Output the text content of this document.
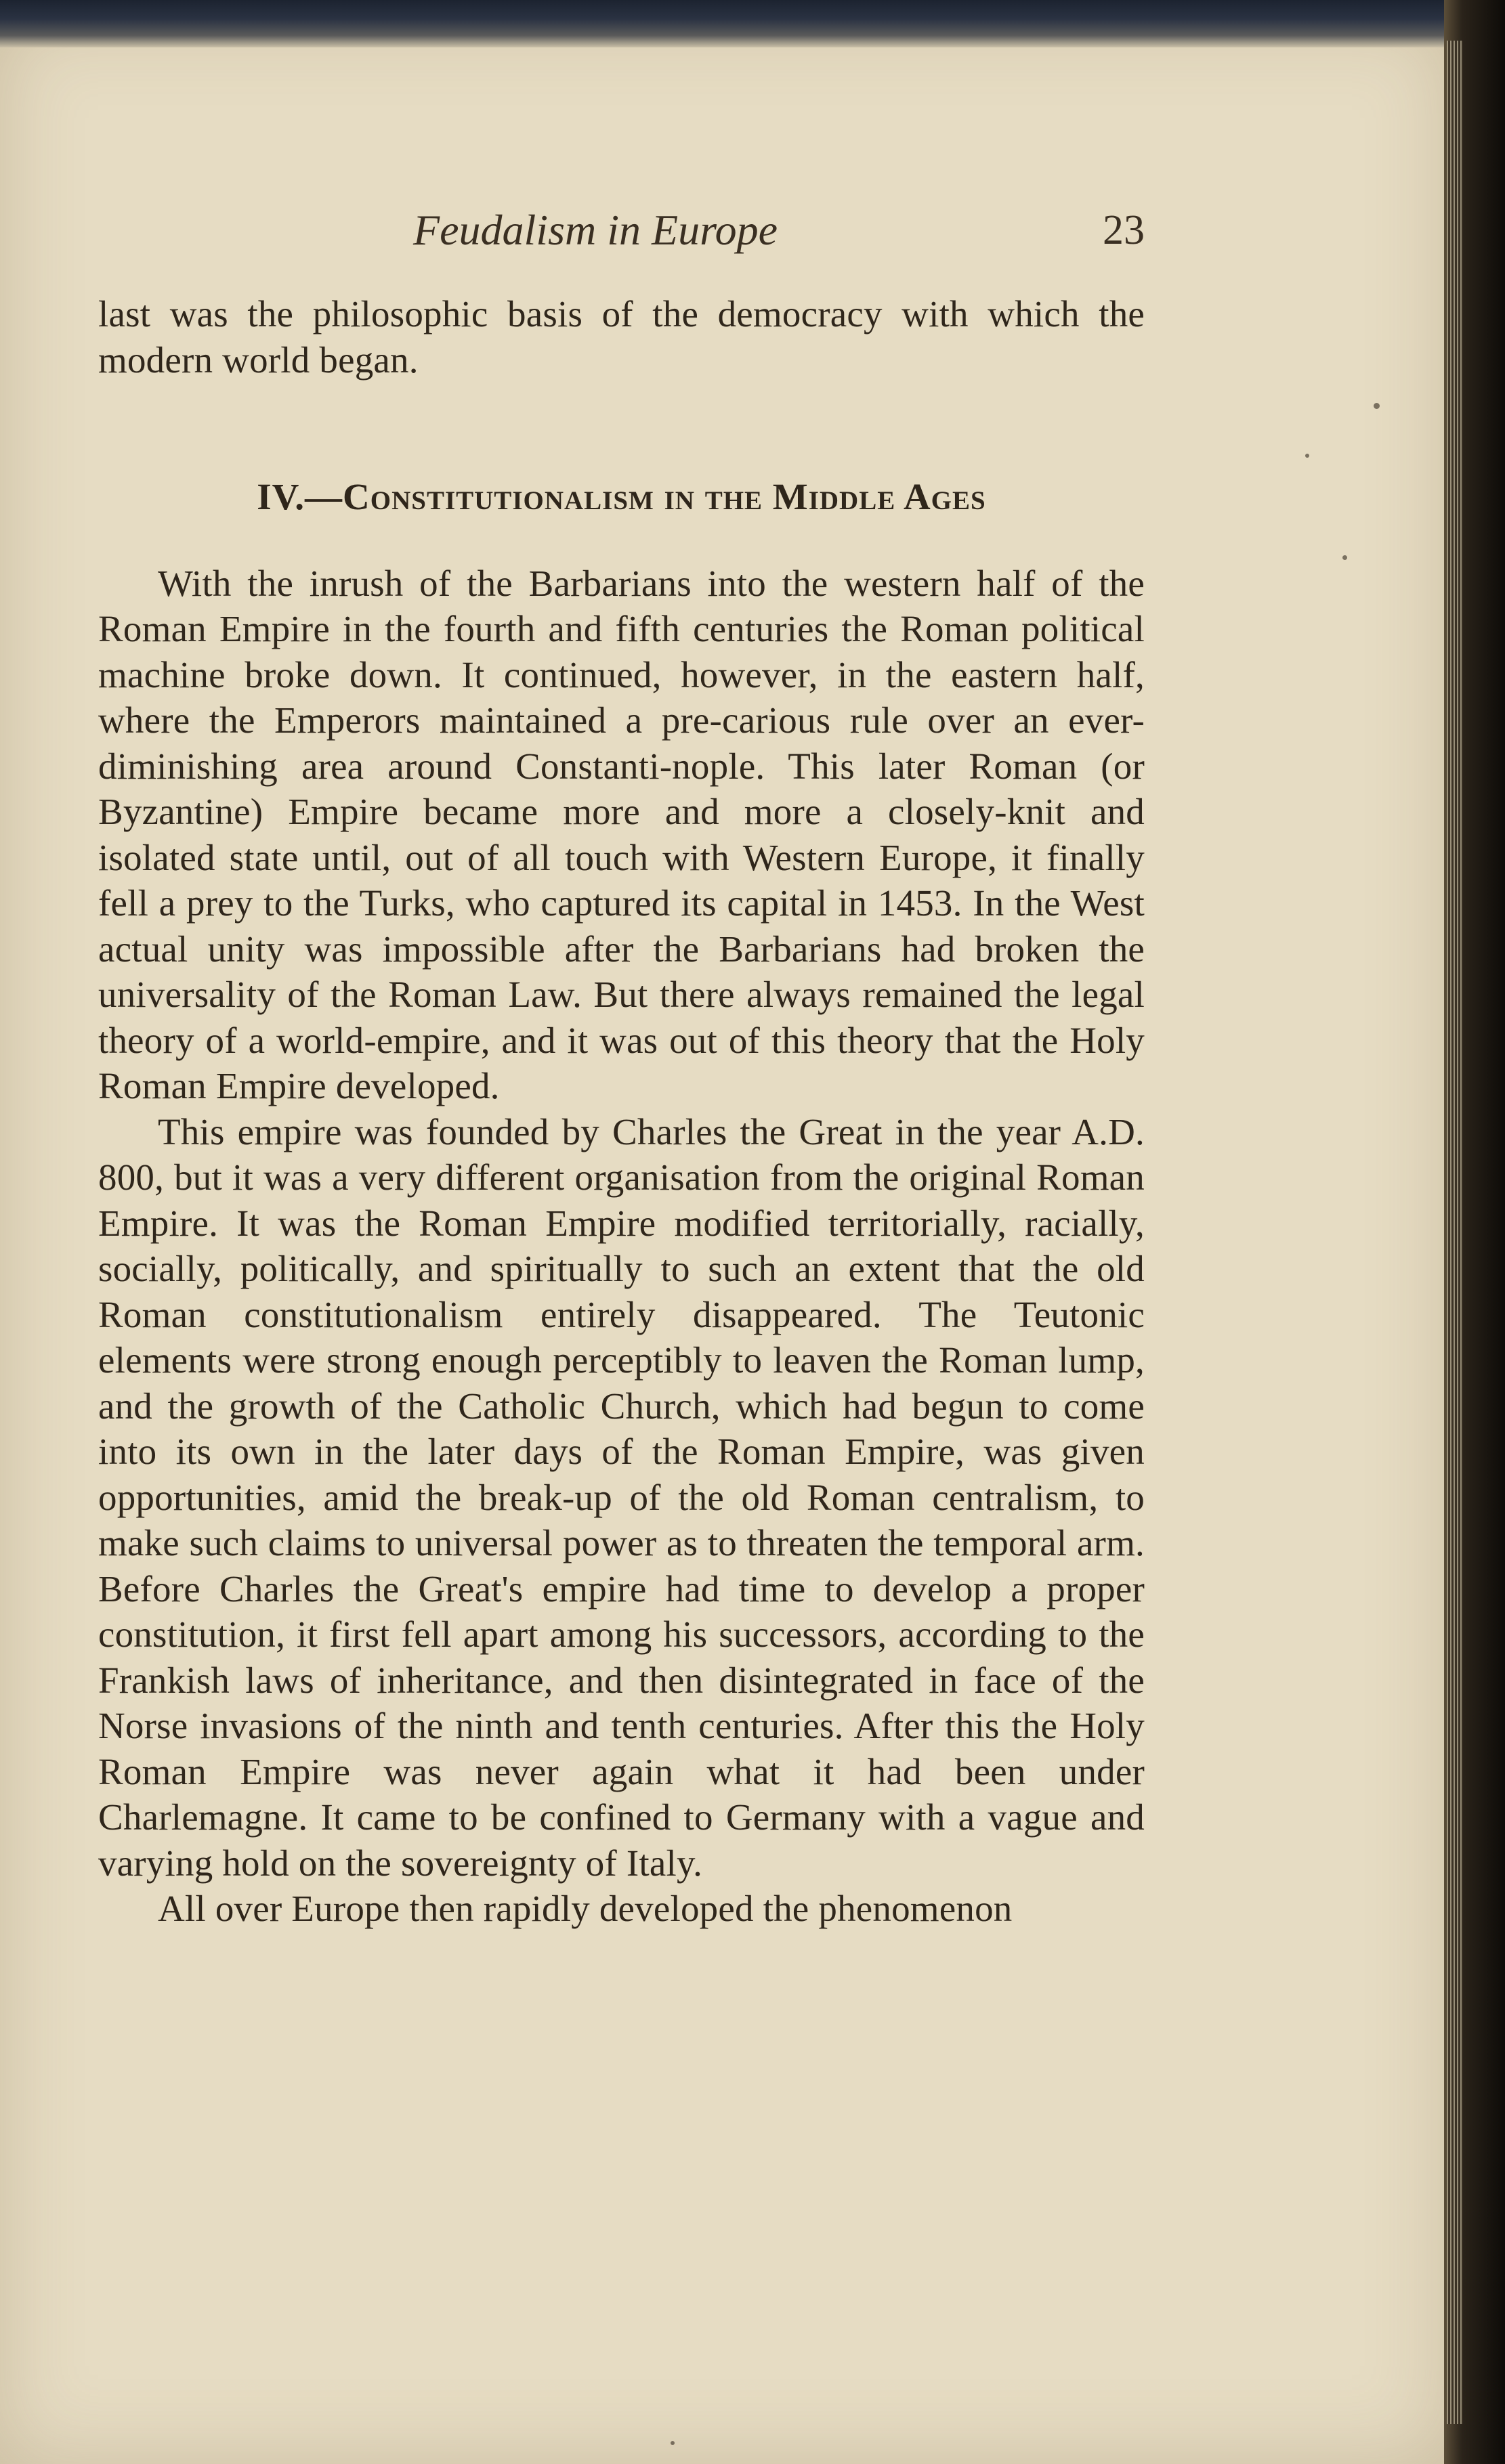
Feudalism in Europe	23

last was the philosophic basis of the democracy with which the modern world began.

IV.—Constitutionalism in the Middle Ages

With the inrush of the Barbarians into the western half of the Roman Empire in the fourth and fifth centuries the Roman political machine broke down. It continued, however, in the eastern half, where the Emperors maintained a pre-carious rule over an ever-diminishing area around Constanti-nople. This later Roman (or Byzantine) Empire became more and more a closely-knit and isolated state until, out of all touch with Western Europe, it finally fell a prey to the Turks, who captured its capital in 1453. In the West actual unity was impossible after the Barbarians had broken the universality of the Roman Law. But there always remained the legal theory of a world-empire, and it was out of this theory that the Holy Roman Empire developed.

This empire was founded by Charles the Great in the year A.D. 800, but it was a very different organisation from the original Roman Empire. It was the Roman Empire modified territorially, racially, socially, politically, and spiritually to such an extent that the old Roman constitutionalism entirely disappeared. The Teutonic elements were strong enough perceptibly to leaven the Roman lump, and the growth of the Catholic Church, which had begun to come into its own in the later days of the Roman Empire, was given opportunities, amid the break-up of the old Roman centralism, to make such claims to universal power as to threaten the temporal arm. Before Charles the Great's empire had time to develop a proper constitution, it first fell apart among his successors, according to the Frankish laws of inheritance, and then disintegrated in face of the Norse invasions of the ninth and tenth centuries. After this the Holy Roman Empire was never again what it had been under Charlemagne. It came to be confined to Germany with a vague and varying hold on the sovereignty of Italy.

All over Europe then rapidly developed the phenomenon
